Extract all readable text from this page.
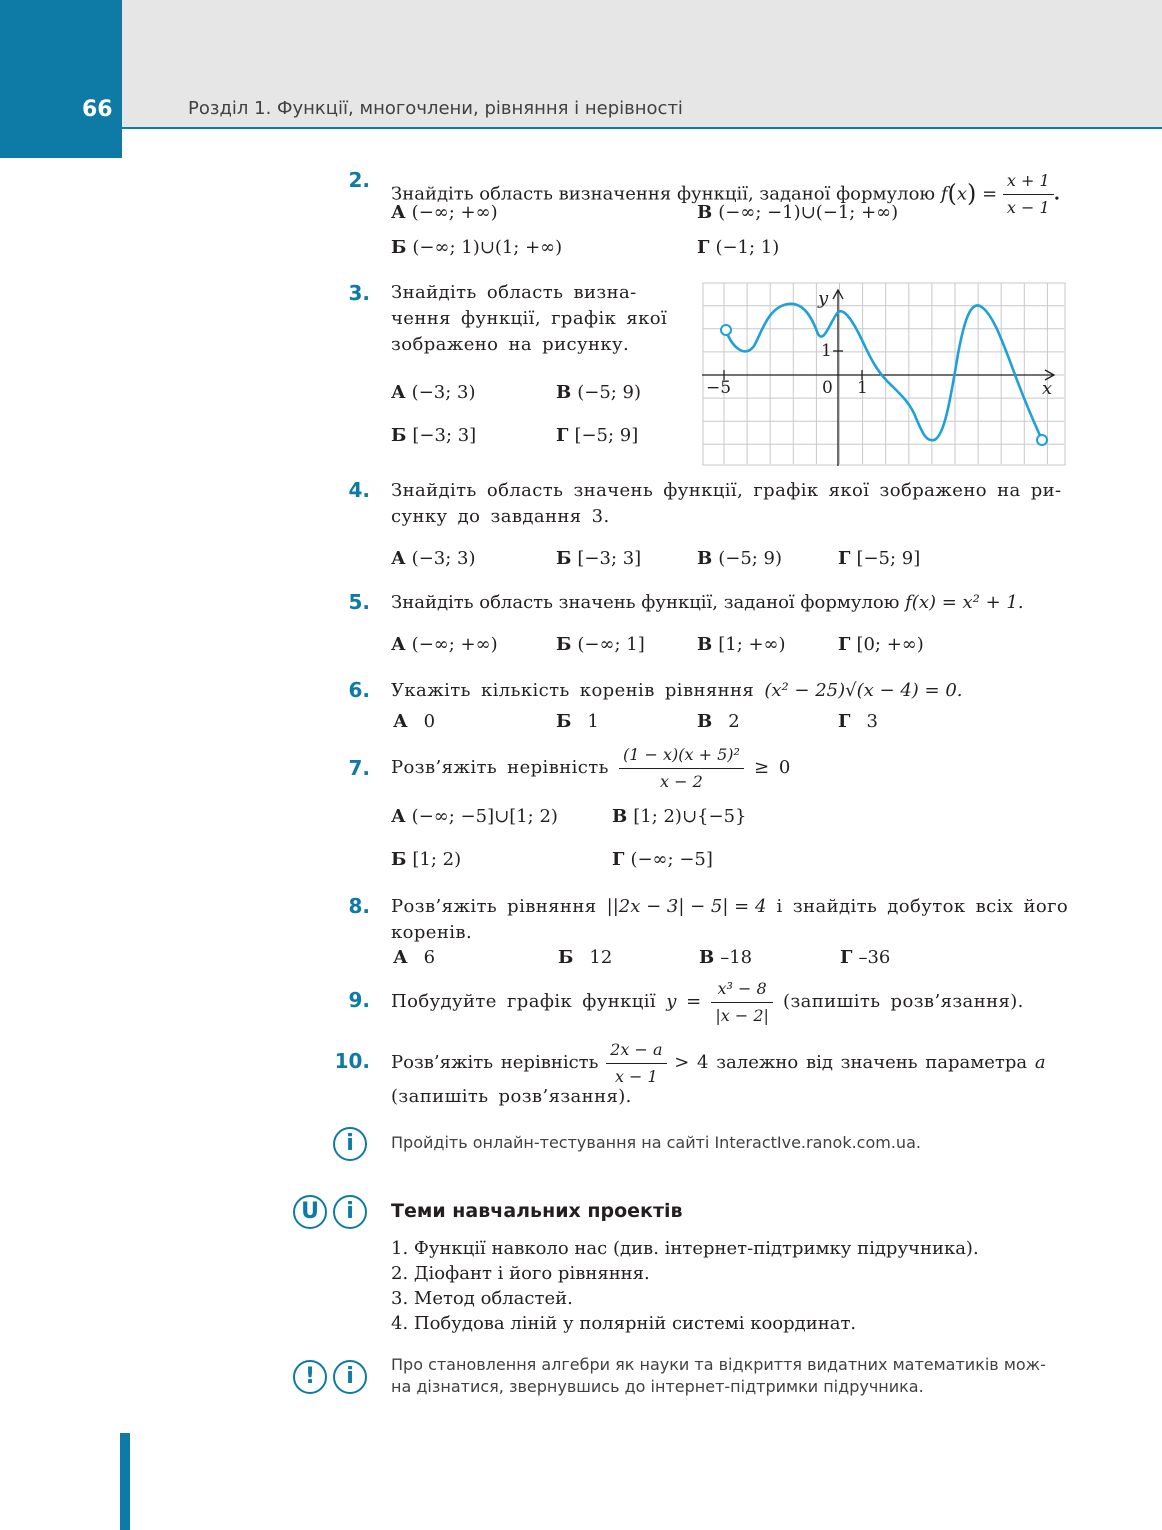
66	Розділ 1. Функції, многочлени, рівняння і нерівності
2.
Знайдіть область визначення функції, заданої формулою $f(x) = \frac{x + 1}{x - 1}$ .
А (−∞; +∞)	В (−∞; −1)∪(−1; +∞)
Б (−∞; 1)∪(1; +∞)	Г (−1; 1)
3. Знайдіть область визна-
чення функції, графік якої
зображено на рисунку.
А (−3; 3)	В (−5; 9)
Б [−3; 3]	Г [−5; 9]
y
x
1
−5	0 1
4. Знайдіть область значень функції, графік якої зображено на ри-
сунку до завдання 3.
А (−3; 3)	Б [−3; 3]	В (−5; 9)	Г [−5; 9]
5. Знайдіть область значень функції, заданої формулою f(x) = x² + 1.
А (−∞; +∞)	Б (−∞; 1]	В [1; +∞)	Г [0; +∞)
6. Укажіть кількість коренів рівняння (x² − 25)√(x − 4) = 0.
А 0	Б 1	В 2	Г 3
7. Розв’яжіть нерівність $\frac{\text{(1 − x)(x + 5)²}}{x - 2} \ge 0$
А (−∞; −5]∪[1; 2)	В [1; 2)∪{−5}
Б [1; 2)	Г (−∞; −5]
8. Розв’яжіть рівняння ||2x − 3| − 5| = 4 і знайдіть добуток всіх його
коренів.
А 6	Б 12	В –18	Г –36
9. Побудуйте графік функції $y = \frac{\text{x³ − 8}}{|x - 2|}$ (запишіть розв’язання).
10. Розв’яжіть нерівність $\frac{2x - a}{x - 1} > 4$ залежно від значень параметра a
(запишіть розв’язання).
i	Пройдіть онлайн-тестування на сайті InteractIve.ranok.com.ua.
U	i	Теми навчальних проектів
1. Функції навколо нас (див. інтернет-підтримку підручника).
2. Діофант і його рівняння.
3. Метод областей.
4. Побудова ліній у полярній системі координат.
!	i	Про становлення алгебри як науки та відкриття видатних математиків мож-
на дізнатися, звернувшись до інтернет-підтримки підручника.
